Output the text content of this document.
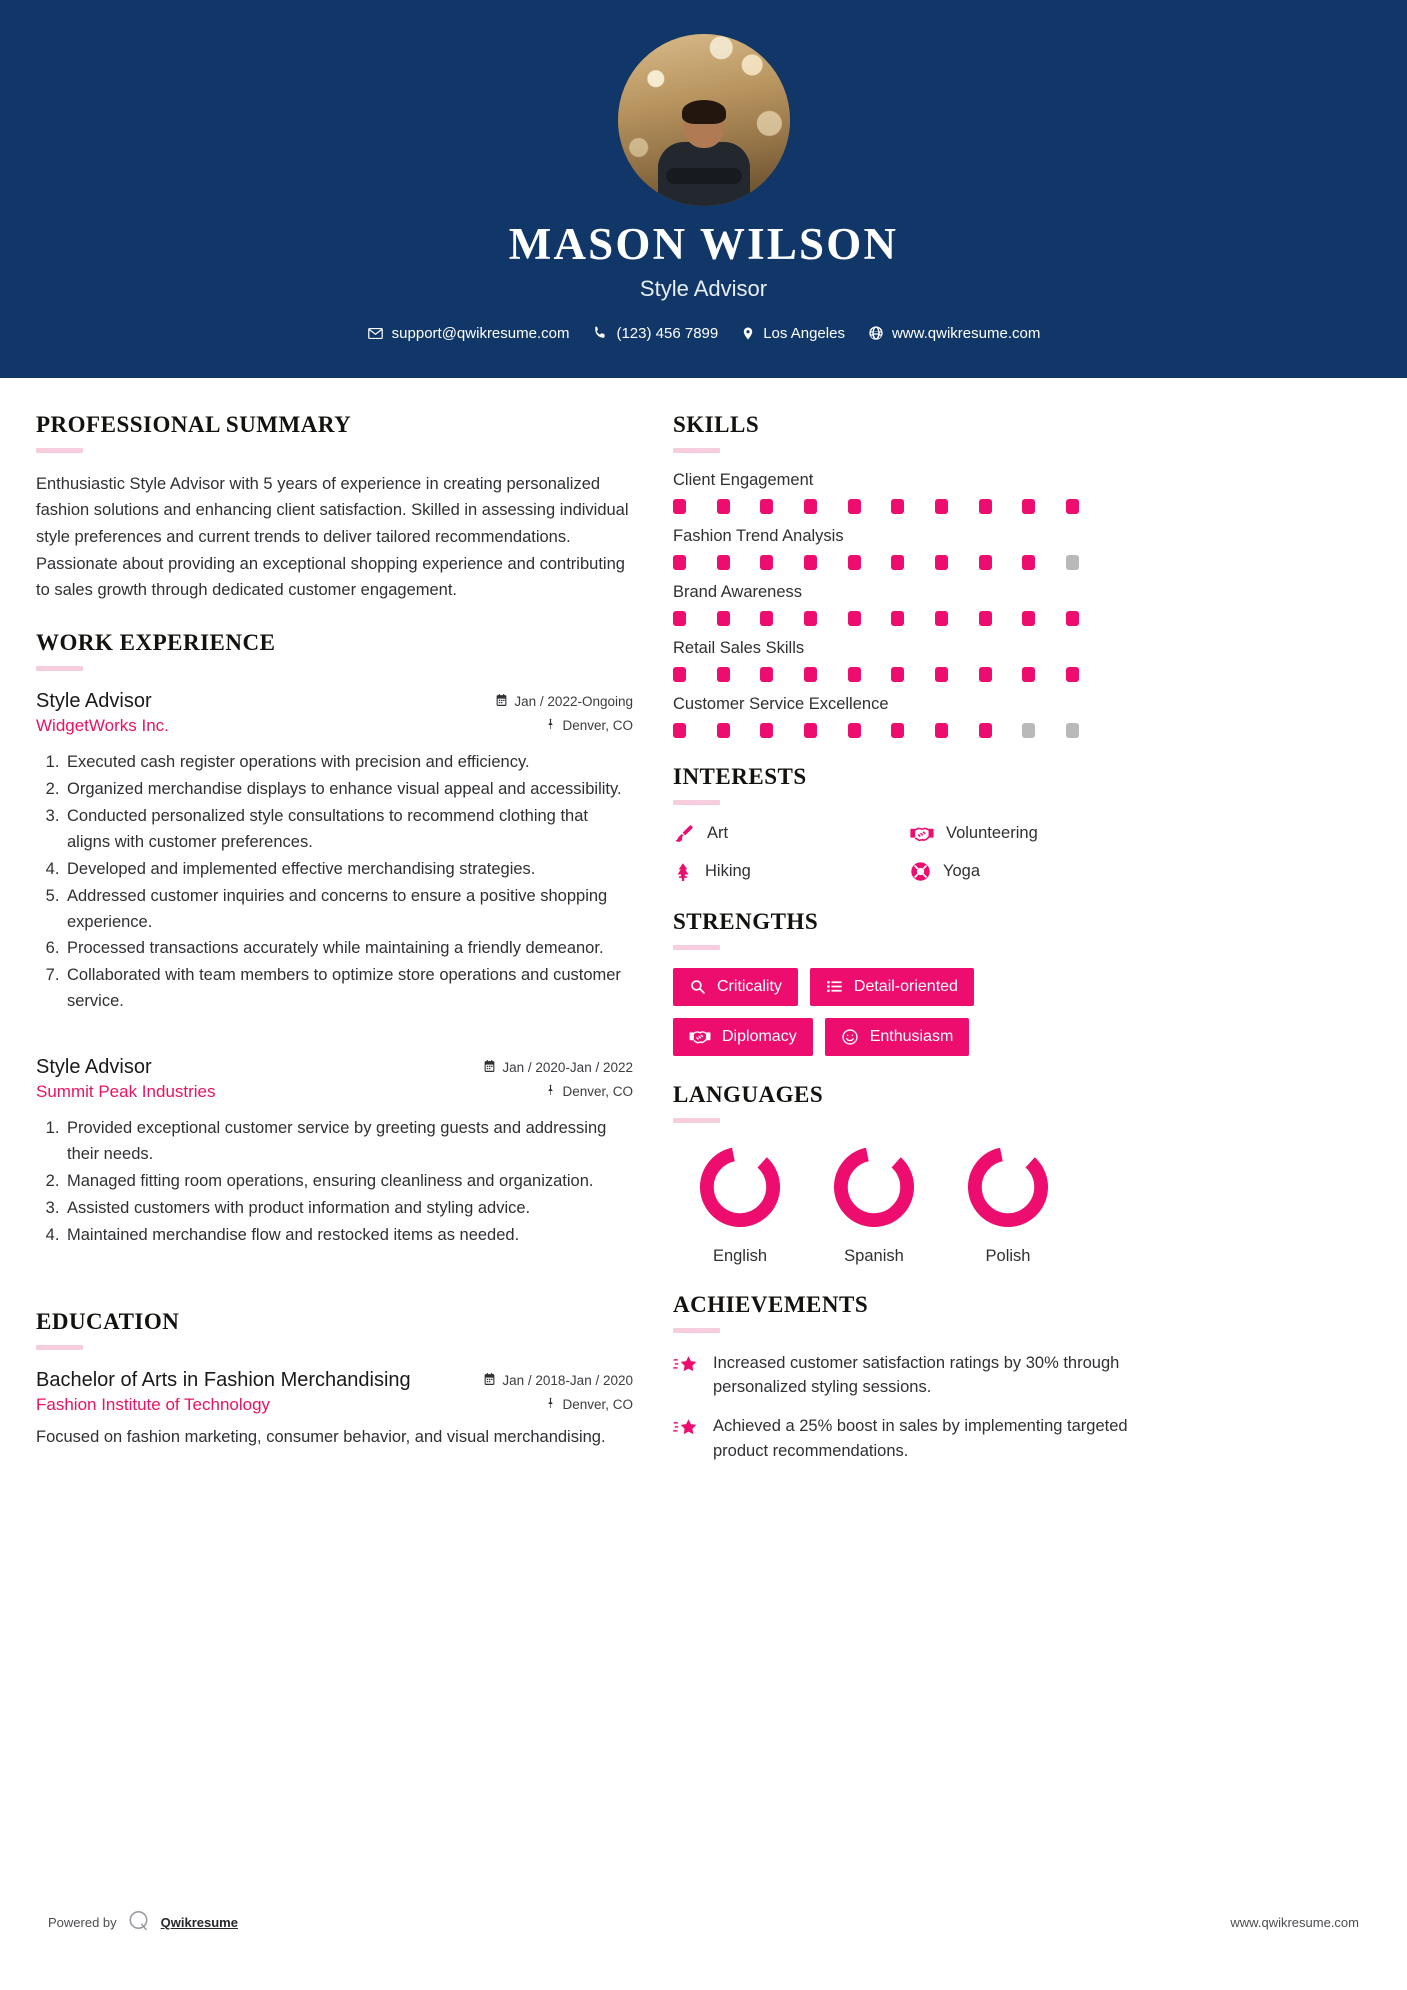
MASON WILSON
Style Advisor
support@qwikresume.com	(123) 456 7899	Los Angeles	www.qwikresume.com
PROFESSIONAL SUMMARY
Enthusiastic Style Advisor with 5 years of experience in creating personalized fashion solutions and enhancing client satisfaction. Skilled in assessing individual style preferences and current trends to deliver tailored recommendations. Passionate about providing an exceptional shopping experience and contributing to sales growth through dedicated customer engagement.
WORK EXPERIENCE
Style Advisor	Jan / 2022-Ongoing
WidgetWorks Inc.	Denver, CO
1. Executed cash register operations with precision and efficiency.
2. Organized merchandise displays to enhance visual appeal and accessibility.
3. Conducted personalized style consultations to recommend clothing that aligns with customer preferences.
4. Developed and implemented effective merchandising strategies.
5. Addressed customer inquiries and concerns to ensure a positive shopping experience.
6. Processed transactions accurately while maintaining a friendly demeanor.
7. Collaborated with team members to optimize store operations and customer service.
Style Advisor	Jan / 2020-Jan / 2022
Summit Peak Industries	Denver, CO
1. Provided exceptional customer service by greeting guests and addressing their needs.
2. Managed fitting room operations, ensuring cleanliness and organization.
3. Assisted customers with product information and styling advice.
4. Maintained merchandise flow and restocked items as needed.
EDUCATION
Bachelor of Arts in Fashion Merchandising	Jan / 2018-Jan / 2020
Fashion Institute of Technology	Denver, CO
Focused on fashion marketing, consumer behavior, and visual merchandising.
SKILLS
Client Engagement
Fashion Trend Analysis
Brand Awareness
Retail Sales Skills
Customer Service Excellence
INTERESTS
Art	Volunteering
Hiking	Yoga
STRENGTHS
Criticality	Detail-oriented
Diplomacy	Enthusiasm
LANGUAGES
English	Spanish	Polish
ACHIEVEMENTS
Increased customer satisfaction ratings by 30% through personalized styling sessions.
Achieved a 25% boost in sales by implementing targeted product recommendations.
Powered by	Qwikresume	www.qwikresume.com
